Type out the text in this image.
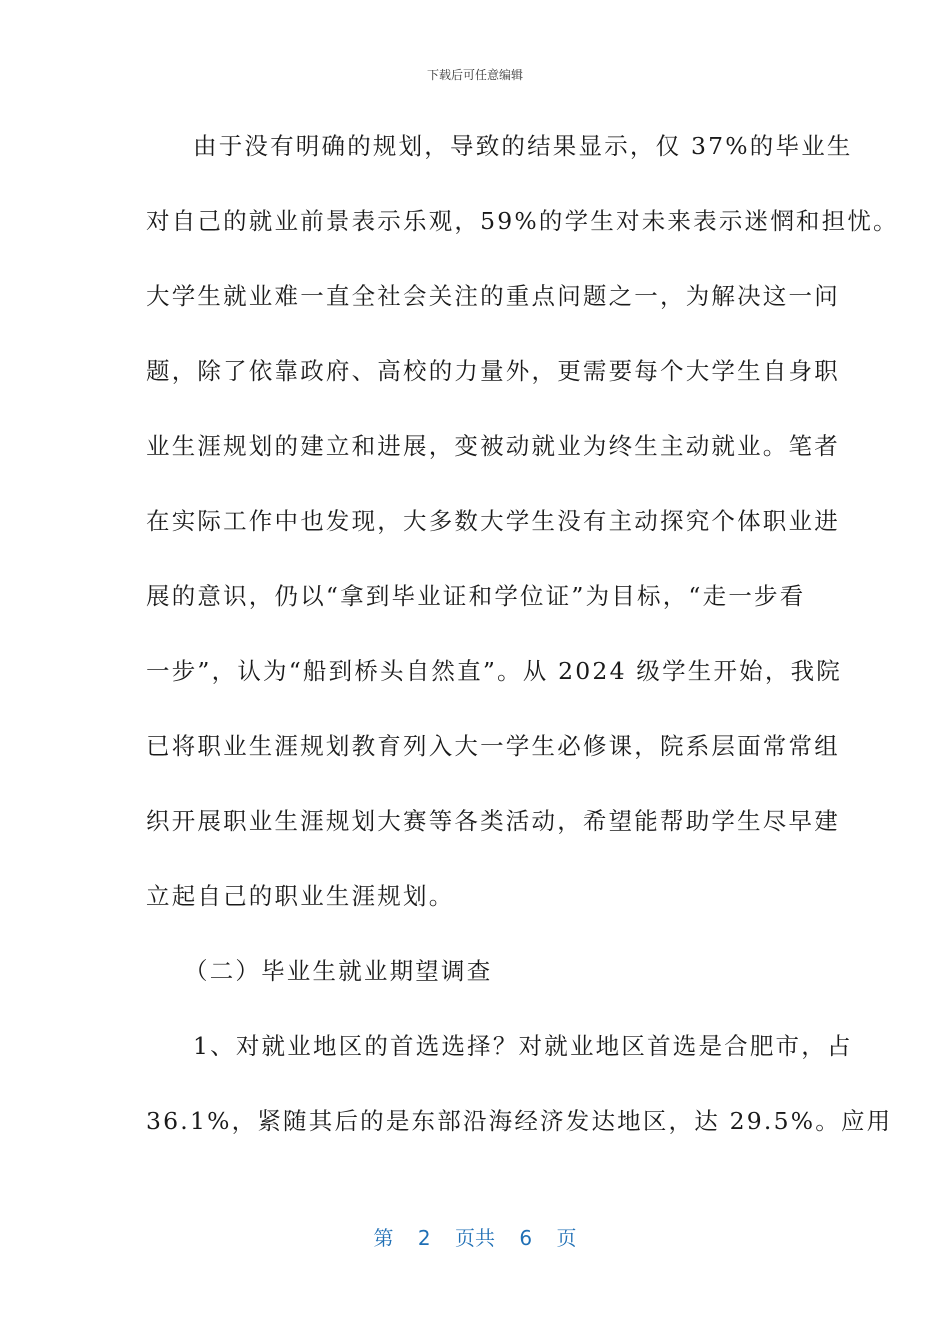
下载后可任意编辑
由于没有明确的规划，导致的结果显示，仅 37%的毕业生
对自己的就业前景表示乐观，59%的学生对未来表示迷惘和担忧。
大学生就业难一直全社会关注的重点问题之一，为解决这一问
题，除了依靠政府、高校的力量外，更需要每个大学生自身职
业生涯规划的建立和进展，变被动就业为终生主动就业。笔者
在实际工作中也发现，大多数大学生没有主动探究个体职业进
展的意识，仍以“拿到毕业证和学位证”为目标，“走一步看
一步”，认为“船到桥头自然直”。从 2024 级学生开始，我院
已将职业生涯规划教育列入大一学生必修课，院系层面常常组
织开展职业生涯规划大赛等各类活动，希望能帮助学生尽早建
立起自己的职业生涯规划。
（二）毕业生就业期望调查
1、对就业地区的首选选择？对就业地区首选是合肥市，占
36.1%，紧随其后的是东部沿海经济发达地区，达 29.5%。应用
第 2 页共 6 页
